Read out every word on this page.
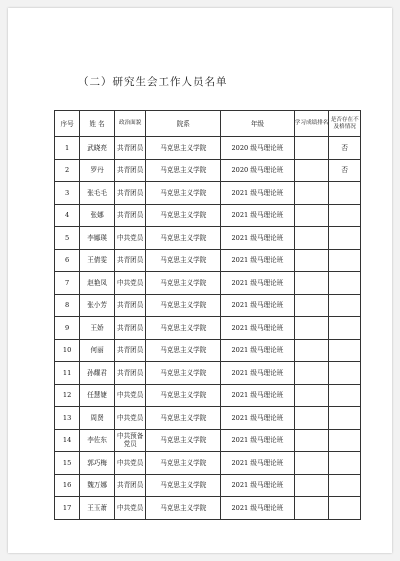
（二）研究生会工作人员名单
序号	姓 名	政治面貌	院系	年级	学习成绩排名	是否存在不及格情况
1	武晓亮	共青团员	马克思主义学院	2020 级马理论班		否
2	罗丹	共青团员	马克思主义学院	2020 级马理论班		否
3	张毛毛	共青团员	马克思主义学院	2021 级马理论班		
4	张娜	共青团员	马克思主义学院	2021 级马理论班		
5	李娜瑛	中共党员	马克思主义学院	2021 级马理论班		
6	王倩雯	共青团员	马克思主义学院	2021 级马理论班		
7	赵艳凤	中共党员	马克思主义学院	2021 级马理论班		
8	张小芳	共青团员	马克思主义学院	2021 级马理论班		
9	王娇	共青团员	马克思主义学院	2021 级马理论班		
10	何丽	共青团员	马克思主义学院	2021 级马理论班		
11	孙耀君	共青团员	马克思主义学院	2021 级马理论班		
12	任慧婕	中共党员	马克思主义学院	2021 级马理论班		
13	周贤	中共党员	马克思主义学院	2021 级马理论班		
14	李佐东	中共预备党员	马克思主义学院	2021 级马理论班		
15	郭巧梅	中共党员	马克思主义学院	2021 级马理论班		
16	魏万娜	共青团员	马克思主义学院	2021 级马理论班		
17	王玉萧	中共党员	马克思主义学院	2021 级马理论班		
